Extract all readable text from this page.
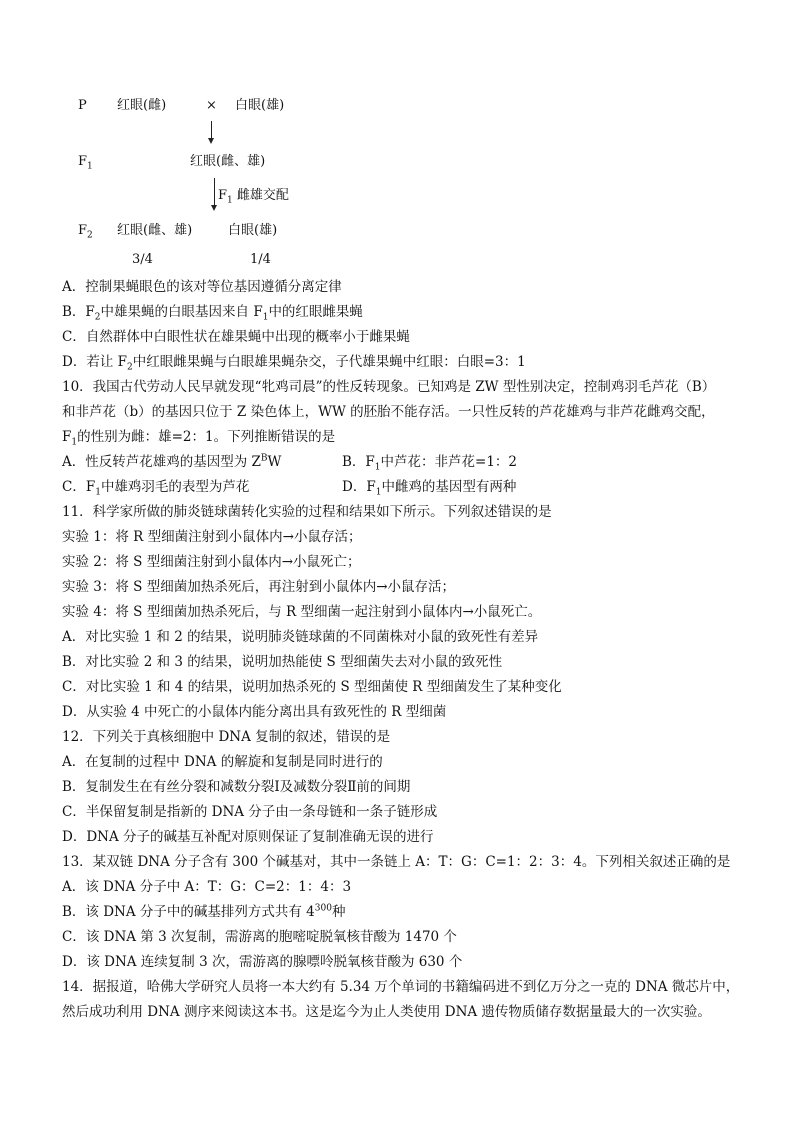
P 红眼(雌)	× 白眼(雄)
$F_1$	红眼(雌、雄)
$F_1$ 雌雄交配
$F_2$ 红眼(雌、雄)	白眼(雄)
3/4	1/4
A．控制果蝇眼色的该对等位基因遵循分离定律
B．$F_2$中雄果蝇的白眼基因来自 $F_1$中的红眼雌果蝇
C．自然群体中白眼性状在雄果蝇中出现的概率小于雌果蝇
D．若让 $F_2$中红眼雌果蝇与白眼雄果蝇杂交，子代雄果蝇中红眼：白眼=3：1
10．我国古代劳动人民早就发现“牝鸡司晨”的性反转现象。已知鸡是 ZW 型性别决定，控制鸡羽毛芦花（B）
和非芦花（b）的基因只位于 Z 染色体上，WW 的胚胎不能存活。一只性反转的芦花雄鸡与非芦花雌鸡交配，
$F_1$的性别为雌：雄=2：1。下列推断错误的是
A．性反转芦花雄鸡的基因型为 $Z^BW$	B．$F_1$中芦花：非芦花=1：2
C．$F_1$中雄鸡羽毛的表型为芦花	D．$F_1$中雌鸡的基因型有两种
11．科学家所做的肺炎链球菌转化实验的过程和结果如下所示。下列叙述错误的是
实验 1：将 R 型细菌注射到小鼠体内→小鼠存活；
实验 2：将 S 型细菌注射到小鼠体内→小鼠死亡；
实验 3：将 S 型细菌加热杀死后，再注射到小鼠体内→小鼠存活；
实验 4：将 S 型细菌加热杀死后，与 R 型细菌一起注射到小鼠体内→小鼠死亡。
A．对比实验 1 和 2 的结果，说明肺炎链球菌的不同菌株对小鼠的致死性有差异
B．对比实验 2 和 3 的结果，说明加热能使 S 型细菌失去对小鼠的致死性
C．对比实验 1 和 4 的结果，说明加热杀死的 S 型细菌使 R 型细菌发生了某种变化
D．从实验 4 中死亡的小鼠体内能分离出具有致死性的 R 型细菌
12．下列关于真核细胞中 DNA 复制的叙述，错误的是
A．在复制的过程中 DNA 的解旋和复制是同时进行的
B．复制发生在有丝分裂和减数分裂Ⅰ及减数分裂Ⅱ前的间期
C．半保留复制是指新的 DNA 分子由一条母链和一条子链形成
D．DNA 分子的碱基互补配对原则保证了复制准确无误的进行
13．某双链 DNA 分子含有 300 个碱基对，其中一条链上 A：T：G：C=1：2：3：4。下列相关叙述正确的是
A．该 DNA 分子中 A：T：G：C=2：1：4：3
B．该 DNA 分子中的碱基排列方式共有 $4^{300}$种
C．该 DNA 第 3 次复制，需游离的胞嘧啶脱氧核苷酸为 1470 个
D．该 DNA 连续复制 3 次，需游离的腺嘌呤脱氧核苷酸为 630 个
14．据报道，哈佛大学研究人员将一本大约有 5.34 万个单词的书籍编码进不到亿万分之一克的 DNA 微芯片中，
然后成功利用 DNA 测序来阅读这本书。这是迄今为止人类使用 DNA 遗传物质储存数据量最大的一次实验。
